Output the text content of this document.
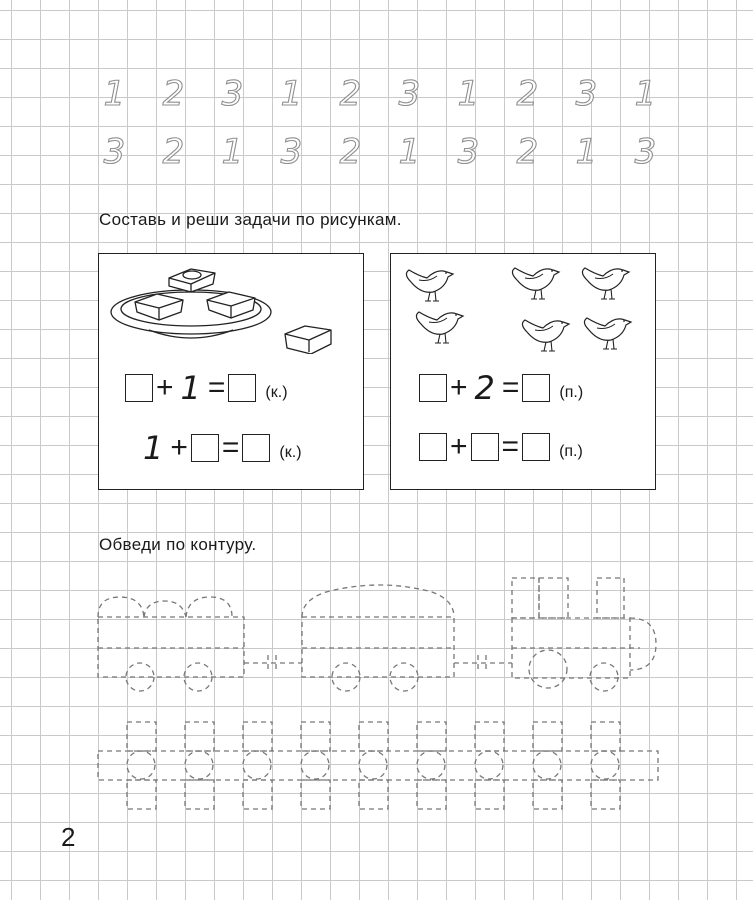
1 2 3 1 2 3 1 2 3 1
3 2 1 3 2 1 3 2 1 3
Составь и реши задачи по рисункам.
+ 1 =	(к.)
1 + =	(к.)
+ 2 =	(п.)
+ =	(п.)
Обведи по контуру.
2
